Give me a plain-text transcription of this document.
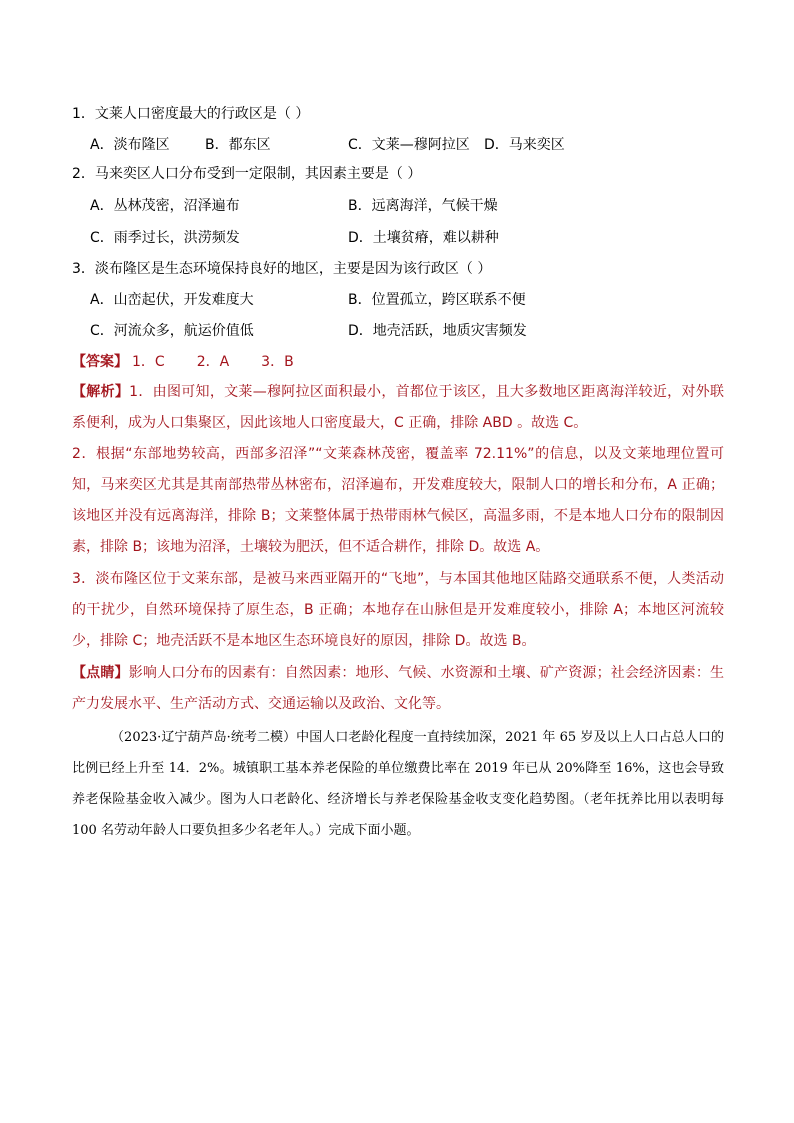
1．文莱人口密度最大的行政区是（ ）
A．淡布隆区	B．都东区	C．文莱—穆阿拉区 D．马来奕区
2．马来奕区人口分布受到一定限制，其因素主要是（ ）
A．丛林茂密，沼泽遍布	B．远离海洋，气候干燥
C．雨季过长，洪涝频发	D．土壤贫瘠，难以耕种
3．淡布隆区是生态环境保持良好的地区，主要是因为该行政区（ ）
A．山峦起伏，开发难度大	B．位置孤立，跨区联系不便
C．河流众多，航运价值低	D．地壳活跃，地质灾害频发
【答案】 1．C 2．A 3．B
【解析】1．由图可知，文莱—穆阿拉区面积最小，首都位于该区，且大多数地区距离海洋较近，对外联系便利，成为人口集聚区，因此该地人口密度最大，C 正确，排除 ABD 。故选 C。
2．根据“东部地势较高，西部多沼泽”“文莱森林茂密，覆盖率 72.11%”的信息，以及文莱地理位置可知，马来奕区尤其是其南部热带丛林密布，沼泽遍布，开发难度较大，限制人口的增长和分布，A 正确；该地区并没有远离海洋，排除 B；文莱整体属于热带雨林气候区，高温多雨，不是本地人口分布的限制因素，排除 B；该地为沼泽，土壤较为肥沃，但不适合耕作，排除 D。故选 A。
3．淡布隆区位于文莱东部，是被马来西亚隔开的“飞地”，与本国其他地区陆路交通联系不便，人类活动的干扰少，自然环境保持了原生态，B 正确；本地存在山脉但是开发难度较小，排除 A；本地区河流较少，排除 C；地壳活跃不是本地区生态环境良好的原因，排除 D。故选 B。
【点睛】影响人口分布的因素有：自然因素：地形、气候、水资源和土壤、矿产资源；社会经济因素：生产力发展水平、生产活动方式、交通运输以及政治、文化等。
（2023·辽宁葫芦岛·统考二模）中国人口老龄化程度一直持续加深，2021 年 65 岁及以上人口占总人口的比例已经上升至 14．2%。城镇职工基本养老保险的单位缴费比率在 2019 年已从 20%降至 16%，这也会导致养老保险基金收入减少。图为人口老龄化、经济增长与养老保险基金收支变化趋势图。（老年抚养比用以表明每 100 名劳动年龄人口要负担多少名老年人。）完成下面小题。
